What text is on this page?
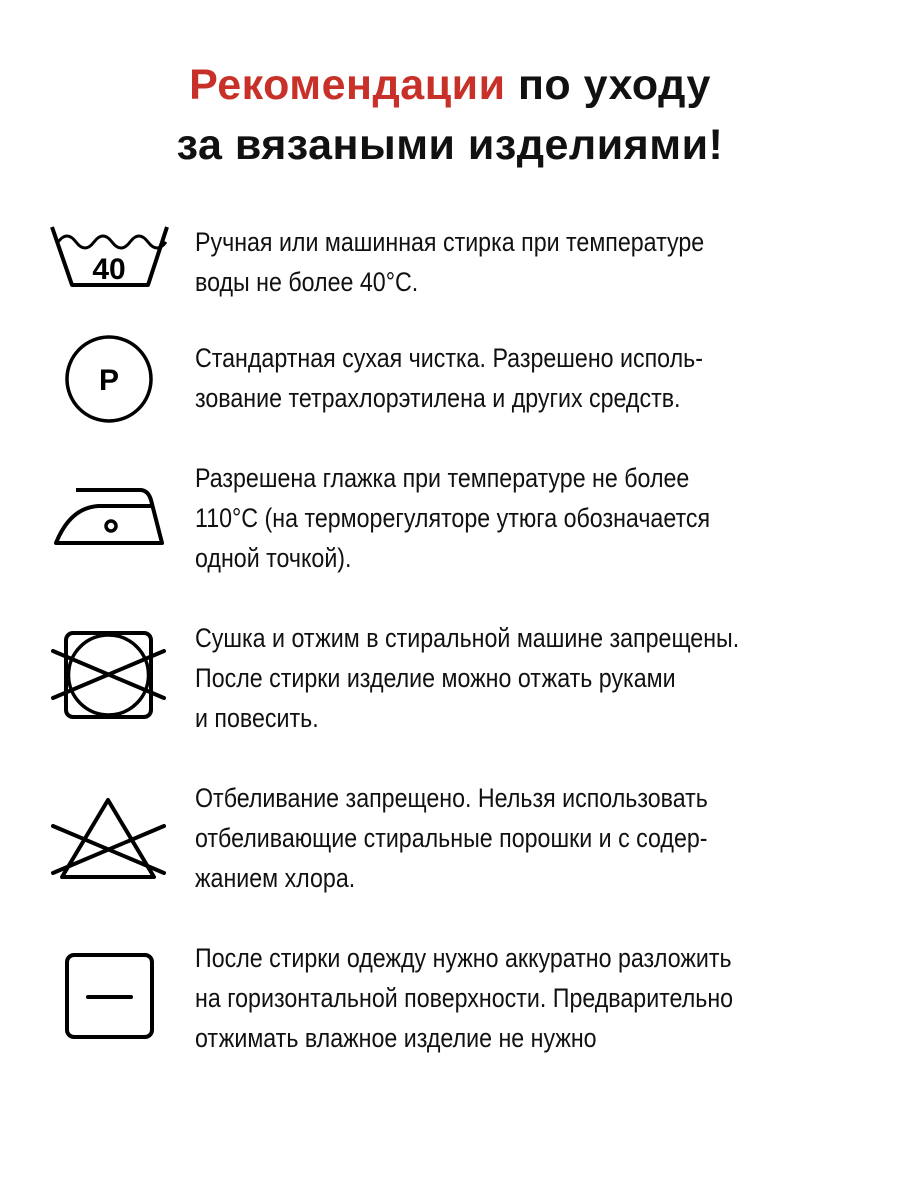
Рекомендации по уходу
за вязаными изделиями!
40
Ручная или машинная стирка при температуре
воды не более 40°С.
P
Стандартная сухая чистка. Разрешено исполь-
зование тетрахлорэтилена и других средств.
Разрешена глажка при температуре не более
110°С (на терморегуляторе утюга обозначается
одной точкой).
Сушка и отжим в стиральной машине запрещены.
После стирки изделие можно отжать руками
и повесить.
Отбеливание запрещено. Нельзя использовать
отбеливающие стиральные порошки и с содер-
жанием хлора.
После стирки одежду нужно аккуратно разложить
на горизонтальной поверхности. Предварительно
отжимать влажное изделие не нужно
